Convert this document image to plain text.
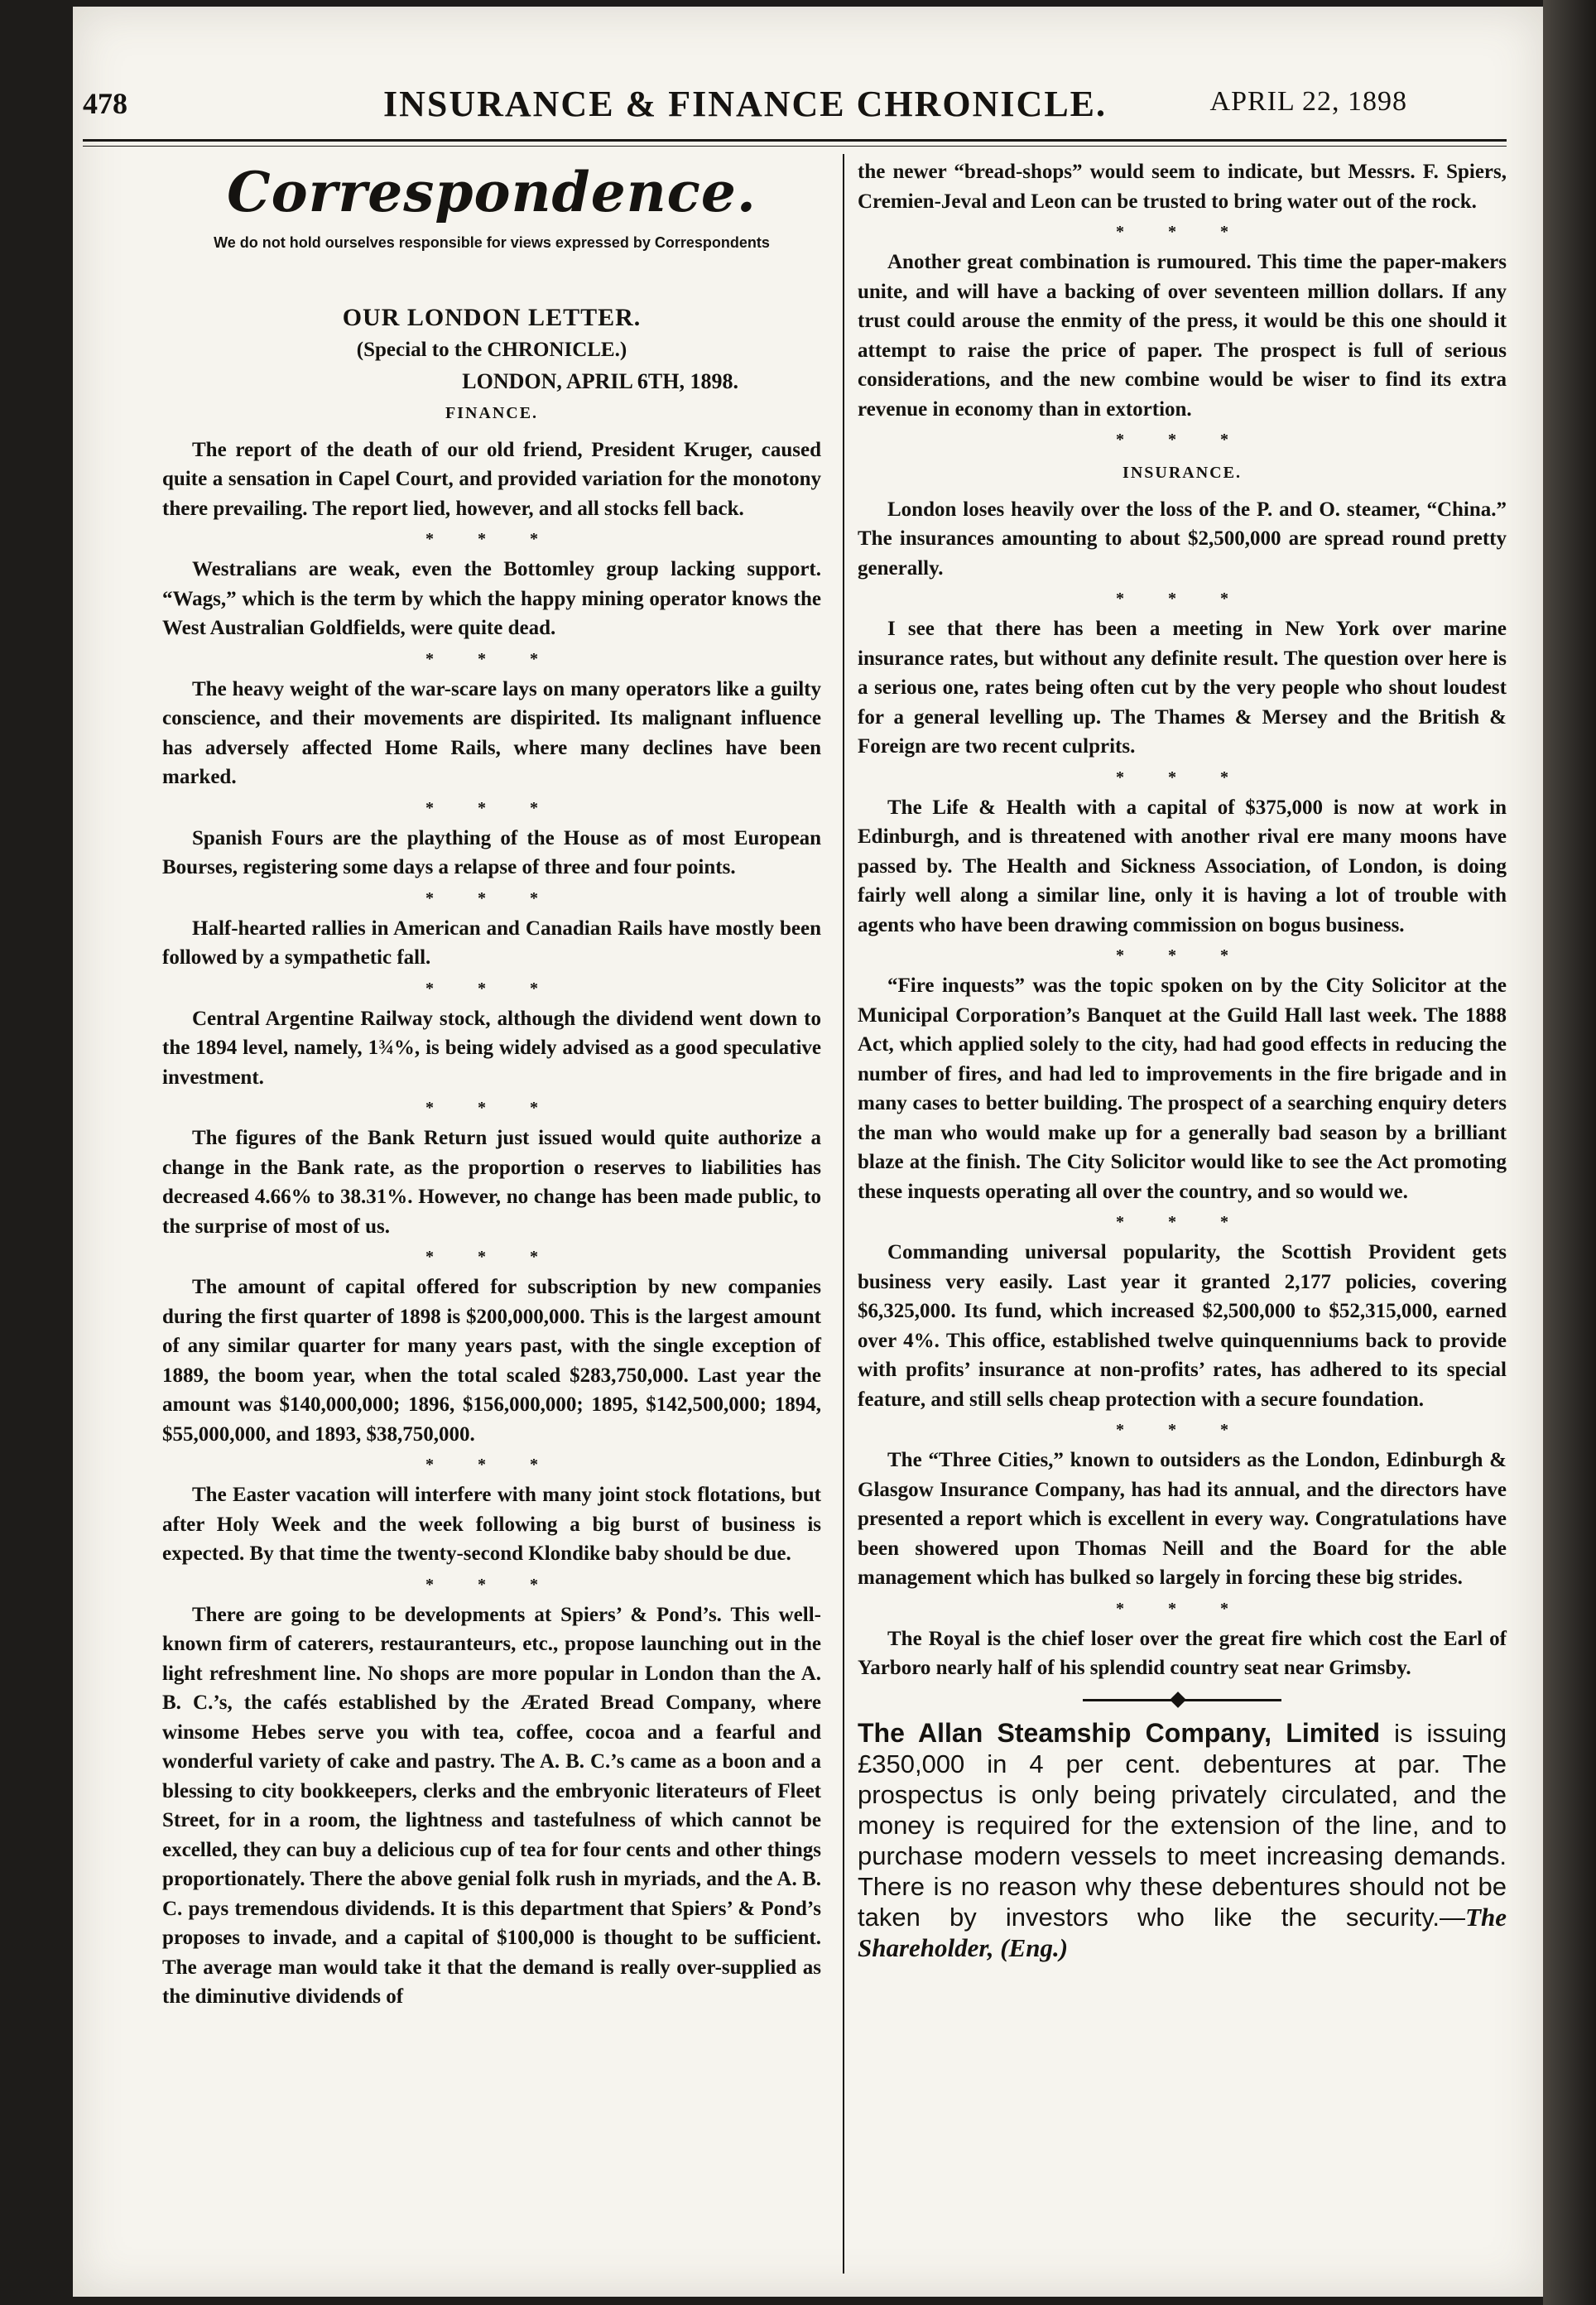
INSURANCE & FINANCE CHRONICLE.
478	APRIL 22, 1898
Correspondence.
We do not hold ourselves responsible for views expressed by Correspondents
OUR LONDON LETTER.
(Special to the CHRONICLE.)
LONDON, APRIL 6TH, 1898.
FINANCE.

The report of the death of our old friend, President Kruger, caused quite a sensation in Capel Court, and provided variation for the monotony there prevailing. The report lied, however, and all stocks fell back.

* * *

Westralians are weak, even the Bottomley group lacking support. “Wags,” which is the term by which the happy mining operator knows the West Australian Goldfields, were quite dead.

* * *

The heavy weight of the war-scare lays on many operators like a guilty conscience, and their movements are dispirited. Its malignant influence has adversely affected Home Rails, where many declines have been marked.

* * *

Spanish Fours are the plaything of the House as of most European Bourses, registering some days a relapse of three and four points.

* * *

Half-hearted rallies in American and Canadian Rails have mostly been followed by a sympathetic fall.

* * *

Central Argentine Railway stock, although the dividend went down to the 1894 level, namely, 1¾%, is being widely advised as a good speculative investment.

* * *

The figures of the Bank Return just issued would quite authorize a change in the Bank rate, as the proportion o reserves to liabilities has decreased 4.66% to 38.31%. However, no change has been made public, to the surprise of most of us.

* * *

The amount of capital offered for subscription by new companies during the first quarter of 1898 is $200,000,000. This is the largest amount of any similar quarter for many years past, with the single exception of 1889, the boom year, when the total scaled $283,750,000. Last year the amount was $140,000,000; 1896, $156,000,000; 1895, $142,500,000; 1894, $55,000,000, and 1893, $38,750,000.

* * *

The Easter vacation will interfere with many joint stock flotations, but after Holy Week and the week following a big burst of business is expected. By that time the twenty-second Klondike baby should be due.

* * *

There are going to be developments at Spiers’ & Pond’s. This well-known firm of caterers, restauranteurs, etc., propose launching out in the light refreshment line. No shops are more popular in London than the A. B. C.’s, the cafés established by the Ærated Bread Company, where winsome Hebes serve you with tea, coffee, cocoa and a fearful and wonderful variety of cake and pastry. The A. B. C.’s came as a boon and a blessing to city bookkeepers, clerks and the embryonic literateurs of Fleet Street, for in a room, the lightness and tastefulness of which cannot be excelled, they can buy a delicious cup of tea for four cents and other things proportionately. There the above genial folk rush in myriads, and the A. B. C. pays tremendous dividends. It is this department that Spiers’ & Pond’s proposes to invade, and a capital of $100,000 is thought to be sufficient. The average man would take it that the demand is really over-supplied as the diminutive dividends of

the newer “bread-shops” would seem to indicate, but Messrs. F. Spiers, Cremien-Jeval and Leon can be trusted to bring water out of the rock.

* * *

Another great combination is rumoured. This time the paper-makers unite, and will have a backing of over seventeen million dollars. If any trust could arouse the enmity of the press, it would be this one should it attempt to raise the price of paper. The prospect is full of serious considerations, and the new combine would be wiser to find its extra revenue in economy than in extortion.

* * *
INSURANCE.

London loses heavily over the loss of the P. and O. steamer, “China.” The insurances amounting to about $2,500,000 are spread round pretty generally.

* * *

I see that there has been a meeting in New York over marine insurance rates, but without any definite result. The question over here is a serious one, rates being often cut by the very people who shout loudest for a general levelling up. The Thames & Mersey and the British & Foreign are two recent culprits.

* * *

The Life & Health with a capital of $375,000 is now at work in Edinburgh, and is threatened with another rival ere many moons have passed by. The Health and Sickness Association, of London, is doing fairly well along a similar line, only it is having a lot of trouble with agents who have been drawing commission on bogus business.

* * *

“Fire inquests” was the topic spoken on by the City Solicitor at the Municipal Corporation’s Banquet at the Guild Hall last week. The 1888 Act, which applied solely to the city, had had good effects in reducing the number of fires, and had led to improvements in the fire brigade and in many cases to better building. The prospect of a searching enquiry deters the man who would make up for a generally bad season by a brilliant blaze at the finish. The City Solicitor would like to see the Act promoting these inquests operating all over the country, and so would we.

* * *

Commanding universal popularity, the Scottish Provident gets business very easily. Last year it granted 2,177 policies, covering $6,325,000. Its fund, which increased $2,500,000 to $52,315,000, earned over 4%. This office, established twelve quinquenniums back to provide with profits’ insurance at non-profits’ rates, has adhered to its special feature, and still sells cheap protection with a secure foundation.

* * *

The “Three Cities,” known to outsiders as the London, Edinburgh & Glasgow Insurance Company, has had its annual, and the directors have presented a report which is excellent in every way. Congratulations have been showered upon Thomas Neill and the Board for the able management which has bulked so largely in forcing these big strides.

* * *

The Royal is the chief loser over the great fire which cost the Earl of Yarboro nearly half of his splendid country seat near Grimsby.

The Allan Steamship Company, Limited is issuing £350,000 in 4 per cent. debentures at par. The prospectus is only being privately circulated, and the money is required for the extension of the line, and to purchase modern vessels to meet increasing demands. There is no reason why these debentures should not be taken by investors who like the security.—The Shareholder, (Eng.)
